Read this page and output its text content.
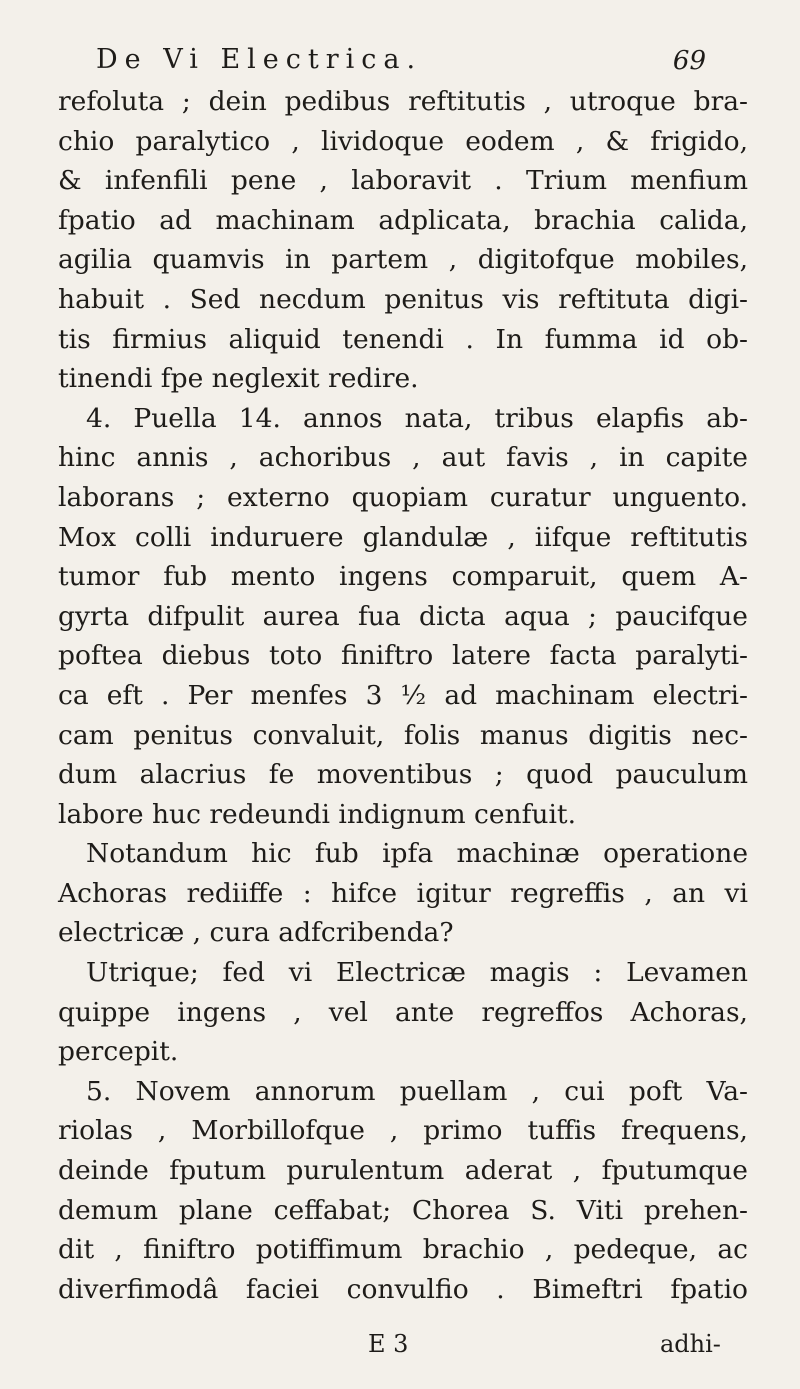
De Vi Electrica.	69
refoluta ; dein pedibus reftitutis , utroque bra-
chio paralytico , lividoque eodem , & frigido,
& infenfili pene , laboravit . Trium menfium
fpatio ad machinam adplicata, brachia calida,
agilia quamvis in partem , digitofque mobiles,
habuit . Sed necdum penitus vis reftituta digi-
tis firmius aliquid tenendi . In fumma id ob-
tinendi fpe neglexit redire.
4. Puella 14. annos nata, tribus elapfis ab-
hinc annis , achoribus , aut favis , in capite
laborans ; externo quopiam curatur unguento.
Mox colli induruere glandulæ , iifque reftitutis
tumor fub mento ingens comparuit, quem A-
gyrta difpulit aurea fua dicta aqua ; paucifque
poftea diebus toto finiftro latere facta paralyti-
ca eft . Per menfes 3 ½ ad machinam electri-
cam penitus convaluit, folis manus digitis nec-
dum alacrius fe moventibus ; quod pauculum
labore huc redeundi indignum cenfuit.
Notandum hic fub ipfa machinæ operatione
Achoras rediiffe : hifce igitur regreffis , an vi
electricæ , cura adfcribenda?
Utrique; fed vi Electricæ magis : Levamen
quippe ingens , vel ante regreffos Achoras,
percepit.
5. Novem annorum puellam , cui poft Va-
riolas , Morbillofque , primo tuffis frequens,
deinde fputum purulentum aderat , fputumque
demum plane ceffabat; Chorea S. Viti prehen-
dit , finiftro potiffimum brachio , pedeque, ac
diverfimodâ faciei convulfio . Bimeftri fpatio
E 3	adhi-
